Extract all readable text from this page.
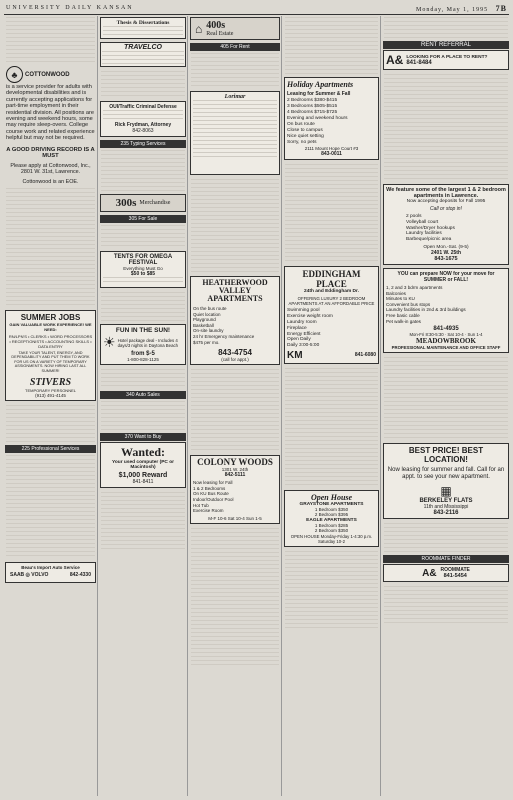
UNIVERSITY DAILY KANSAN	Monday, May 1, 1995 7B
♣	COTTONWOOD
is a service provider for adults with developmental disabilities and is currently accepting applications for part-time employment in their residential division. All positions are evening and weekend hours, some may require sleep-overs. College course work and related experience helpful but may not be required.
A GOOD DRIVING RECORD IS A MUST
Please apply at Cottonwood, Inc., 2801 W. 31st, Lawrence.
Cottonwood is an EOE.
SUMMER JOBS
GAIN VALUABLE WORK EXPERIENCE! WE NEED:
RN/LPN'S • CLERKS • WORD PROCESSORS • RECEPTIONISTS • ACCOUNTING SKILLS • DATA ENTRY
TAKE YOUR TALENT, ENERGY, AND DEPENDABILITY AND PUT THEM TO WORK FOR US ON A VARIETY OF TEMPORARY ASSIGNMENTS. NOW HIRING LAST ALL SUMMER!
STIVERS
TEMPORARY PERSONNEL
(913) 491-4145
225 Professional Services
Beau's Import Auto Service
SAAB ◎ VOLVO	842-4330
Thesis & Dissertations
TRAVELCO
OUI/Traffic Criminal Defense
Rick Frydman, Attorney
842-8063
235 Typing Services
300s Merchandise
305 For Sale
TENTS FOR OMEGA FESTIVAL
Everything Must Go
$50 to $85
FUN IN THE SUN!
☀ Hotel package deal - Includes 4 days/3 nights in Daytona Beach
from $-5
1-800-828-1125
340 Auto Sales
370 Want to Buy
Wanted:
Your used computer (PC or Macintosh)
$1,000 Reward
841-8411
⌂ 400s
Real Estate
405 For Rent
Lorimar
HEATHERWOOD VALLEY APARTMENTS
On the bus route
Quiet location
Playground
Basketball
On-site laundry
24 hr Emergency maintenance
$475 per mo.
843-4754
(call for appt.)
COLONY WOODS
1301 W. 24th
842-5111
Now leasing for Fall
1 & 2 Bedrooms
On KU Bus Route
Indoor/Outdoor Pool
Hot Tub
Exercise Room
M-F 10-6 Sat 10-4 Sun 1-5
Holiday Apartments
Leasing for Summer & Fall
2 Bedrooms $380-$415
3 Bedrooms $505-$515
4 Bedrooms $715-$725
Evening and weekend hours
On bus route
Close to campus
Nice quiet setting
Sorry, no pets
2111 Mount Hope Court #3
843-0011
EDDINGHAM PLACE
24th and Eddingham Dr.
OFFERING LUXURY 2 BEDROOM APARTMENTS AT AN AFFORDABLE PRICE
Swimming pool
Exercise weight room
Laundry room
Fireplace
Energy Efficient
Open Daily
Daily 3:00-5:00
KM	841-6080
Open House
GRAYSTONE APARTMENTS
1 Bedroom $350
2 Bedroom $395
EAGLE APARTMENTS
1 Bedroom $285
2 Bedroom $350
OPEN HOUSE Monday-Friday 1-4:30 p.m. Saturday 10-2
RENT REFERRAL
A& LOOKING FOR A PLACE TO RENT?
841-8484
We feature some of the largest 1 & 2 bedroom apartments in Lawrence.
Now accepting deposits for Fall 1995
Call or stop in!
2 pools
Volleyball court
Washer/Dryer hookups
Laundry facilities
Barbeque/picnic area
Open Mon.-Sat. (9-5)
2401 W. 25th
843-1675
YOU can prepare NOW for your move for SUMMER or FALL!
1, 2 and 3 bdrm apartments
Balconies
Minutes to KU
Convenient bus stops
Laundry facilities in 2nd & 3rd buildings
Free basic cable
Pet walk-in gates
841-4935
Mon-Fri 8:30-5:30 · Sat 10-4 · Sun 1-4
MEADOWBROOK
PROFESSIONAL MAINTENANCE AND OFFICE STAFF
BEST PRICE! BEST LOCATION!
Now leasing for summer and fall. Call for an appt. to see your new apartment.
▦
BERKELEY FLATS
11th and Mississippi
843-2116
ROOMMATE FINDER
A& ROOMMATE
841-5454
